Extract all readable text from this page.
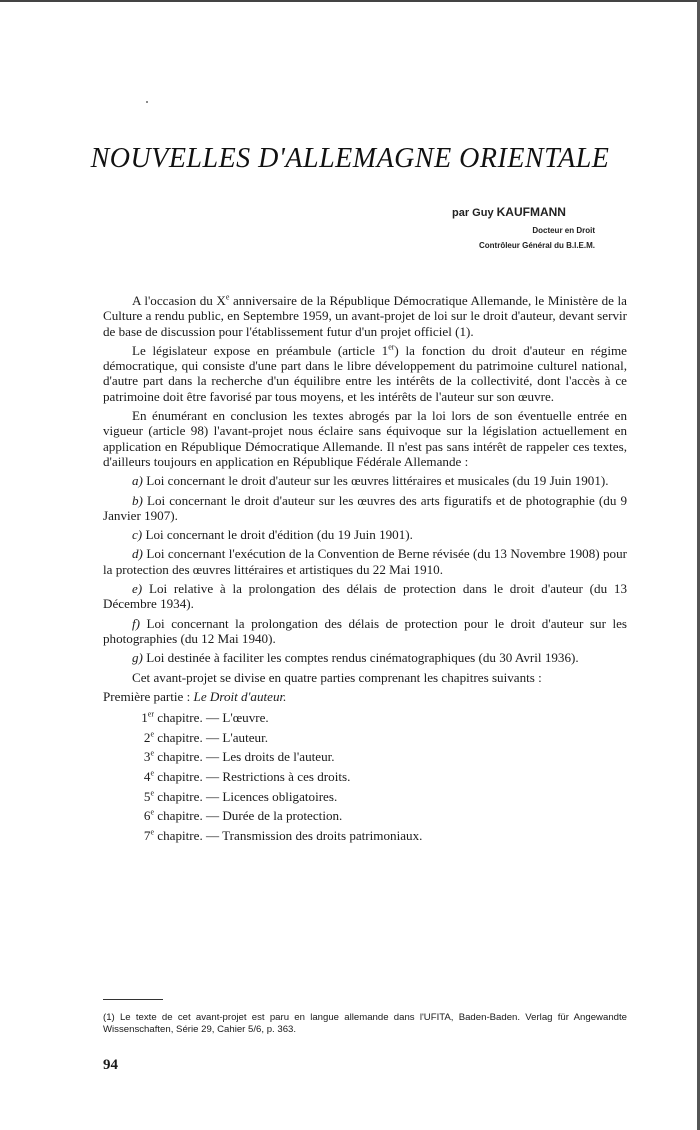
NOUVELLES D'ALLEMAGNE ORIENTALE
par Guy KAUFMANN
Docteur en Droit
Contrôleur Général du B.I.E.M.

A l'occasion du Xe anniversaire de la République Démocratique Allemande, le Ministère de la Culture a rendu public, en Septembre 1959, un avant-projet de loi sur le droit d'auteur, devant servir de base de discussion pour l'établissement futur d'un projet officiel (1).

Le législateur expose en préambule (article 1er) la fonction du droit d'auteur en régime démocratique, qui consiste d'une part dans le libre développement du patrimoine culturel national, d'autre part dans la recherche d'un équilibre entre les intérêts de la collectivité, dont l'accès à ce patrimoine doit être favorisé par tous moyens, et les intérêts de l'auteur sur son œuvre.

En énumérant en conclusion les textes abrogés par la loi lors de son éventuelle entrée en vigueur (article 98) l'avant-projet nous éclaire sans équivoque sur la législation actuellement en application en République Démocratique Allemande. Il n'est pas sans intérêt de rappeler ces textes, d'ailleurs toujours en application en République Fédérale Allemande :

a) Loi concernant le droit d'auteur sur les œuvres littéraires et musicales (du 19 Juin 1901).

b) Loi concernant le droit d'auteur sur les œuvres des arts figuratifs et de photographie (du 9 Janvier 1907).

c) Loi concernant le droit d'édition (du 19 Juin 1901).

d) Loi concernant l'exécution de la Convention de Berne révisée (du 13 Novembre 1908) pour la protection des œuvres littéraires et artistiques du 22 Mai 1910.

e) Loi relative à la prolongation des délais de protection dans le droit d'auteur (du 13 Décembre 1934).

f) Loi concernant la prolongation des délais de protection pour le droit d'auteur sur les photographies (du 12 Mai 1940).

g) Loi destinée à faciliter les comptes rendus cinématographiques (du 30 Avril 1936).

Cet avant-projet se divise en quatre parties comprenant les chapitres suivants :

Première partie : Le Droit d'auteur.

1er chapitre. — L'œuvre.
2e chapitre. — L'auteur.
3e chapitre. — Les droits de l'auteur.
4e chapitre. — Restrictions à ces droits.
5e chapitre. — Licences obligatoires.
6e chapitre. — Durée de la protection.
7e chapitre. — Transmission des droits patrimoniaux.
(1) Le texte de cet avant-projet est paru en langue allemande dans l'UFITA, Baden-Baden. Verlag für Angewandte Wissenschaften, Série 29, Cahier 5/6, p. 363.
94
